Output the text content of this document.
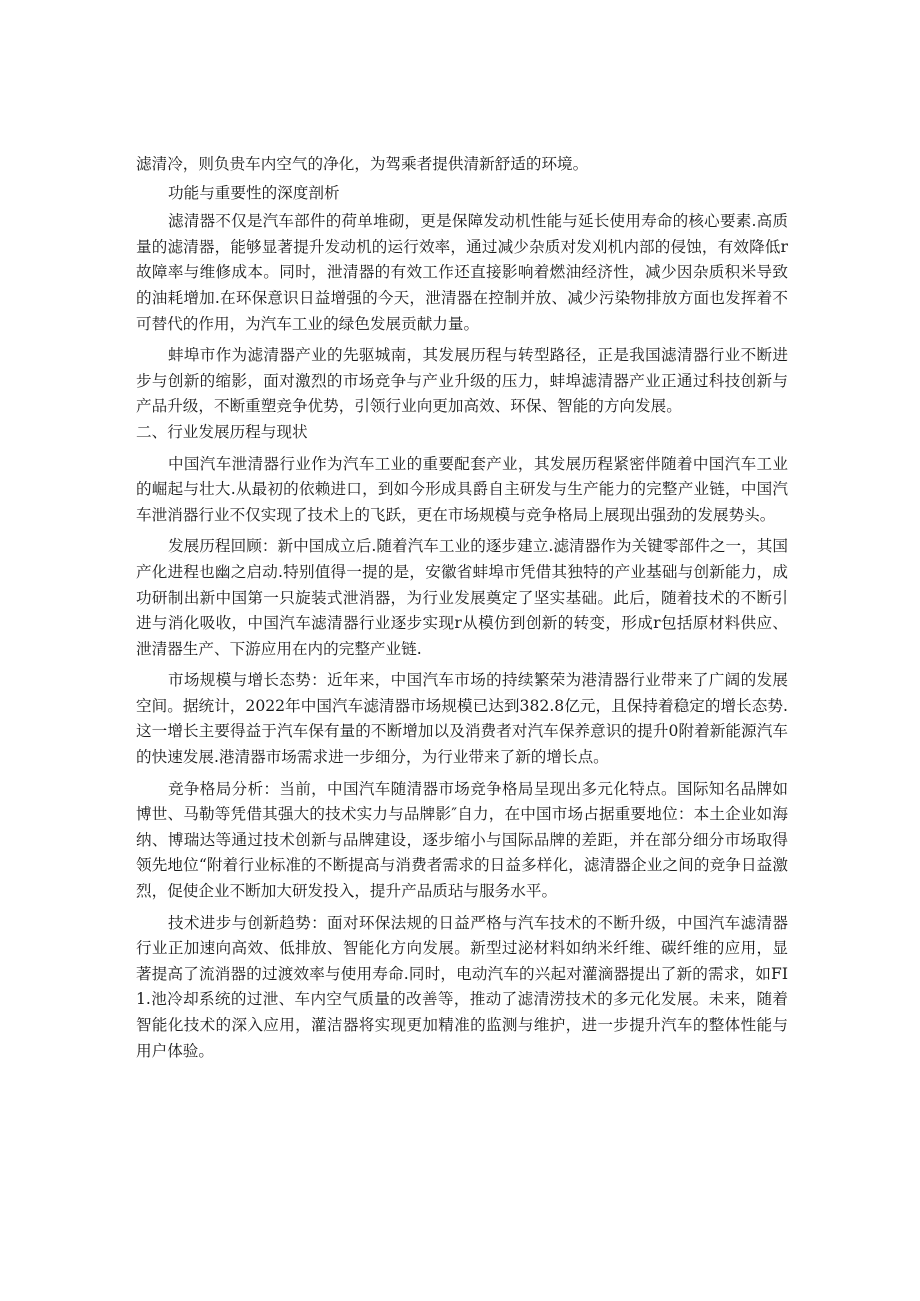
滤清冷，则负贵车内空气的净化，为驾乘者提供清新舒适的环境。

功能与重要性的深度剖析

滤清器不仅是汽车部件的荷单堆砌，更是保障发动机性能与延长使用寿命的核心要素.高质量的滤清器，能够显著提升发动机的运行效率，通过减少杂质对发刈机内部的侵蚀，有效降低r故障率与维修成本。同时，泄清器的有效工作还直接影响着燃油经济性，减少因杂质积米导致的油耗增加.在环保意识日益增强的今天，泄清器在控制并放、减少污染物排放方面也发挥着不可替代的作用，为汽车工业的绿色发展贡献力量。

蚌埠市作为滤清器产业的先驱城南，其发展历程与转型路径，正是我国滤清器行业不断进步与创新的缩影，面对激烈的市场竞争与产业升级的压力，蚌埠滤清器产业正通过科技创新与产品升级，不断重塑竞争优势，引领行业向更加高效、环保、智能的方向发展。

二、行业发展历程与现状

中国汽车泄清器行业作为汽车工业的重要配套产业，其发展历程紧密伴随着中国汽车工业的崛起与壮大.从最初的依赖进口，到如今形成具爵自主研发与生产能力的完整产业链，中国汽车泄消器行业不仅实现了技术上的飞跃，更在市场规模与竞争格局上展现出强劲的发展势头。

发展历程回顾：新中国成立后.随着汽车工业的逐步建立.滤清器作为关键零部件之一，其国产化进程也幽之启动.特别值得一提的是，安徽省蚌埠市凭借其独特的产业基础与创新能力，成功研制出新中国第一只旋装式泄消器，为行业发展奠定了坚实基础。此后，随着技术的不断引进与消化吸收，中国汽车滤清器行业逐步实现r从模仿到创新的转变，形成r包括原材料供应、泄清器生产、下游应用在内的完整产业链.

市场规模与增长态势：近年来，中国汽车市场的持续繁荣为港清器行业带来了广阔的发展空间。据统计，2022年中国汽车滤清器市场规模已达到382.8亿元，且保持着稳定的增长态势.这一增长主要得益于汽车保有量的不断增加以及消费者对汽车保养意识的提升0附着新能源汽车的快速发展.港清器市场需求进一步细分，为行业带来了新的增长点。

竞争格局分析：当前，中国汽车随清器市场竞争格局呈现出多元化特点。国际知名品牌如博世、马勒等凭借其强大的技术实力与品牌影″自力，在中国市场占据重要地位：本土企业如海纳、博瑞达等通过技术创新与品牌建设，逐步缩小与国际品牌的差距，并在部分细分市场取得领先地位“附着行业标准的不断提高与消费者需求的日益多样化，滤清器企业之间的竞争日益激烈，促使企业不断加大研发投入，提升产品质玷与服务水平。

技术进步与创新趋势：面对环保法规的日益严格与汽车技术的不断升级，中国汽车滤清器行业正加速向高效、低排放、智能化方向发展。新型过泌材料如纳米纤维、碳纤维的应用，显著提高了流消器的过渡效率与使用寿命.同时，电动汽车的兴起对灌滴器提出了新的需求，如FI1.池冷却系统的过泄、车内空气质量的改善等，推动了滤清涝技术的多元化发展。未来，随着智能化技术的深入应用，灌洁器将实现更加精准的监测与维护，进一步提升汽车的整体性能与用户体验。
